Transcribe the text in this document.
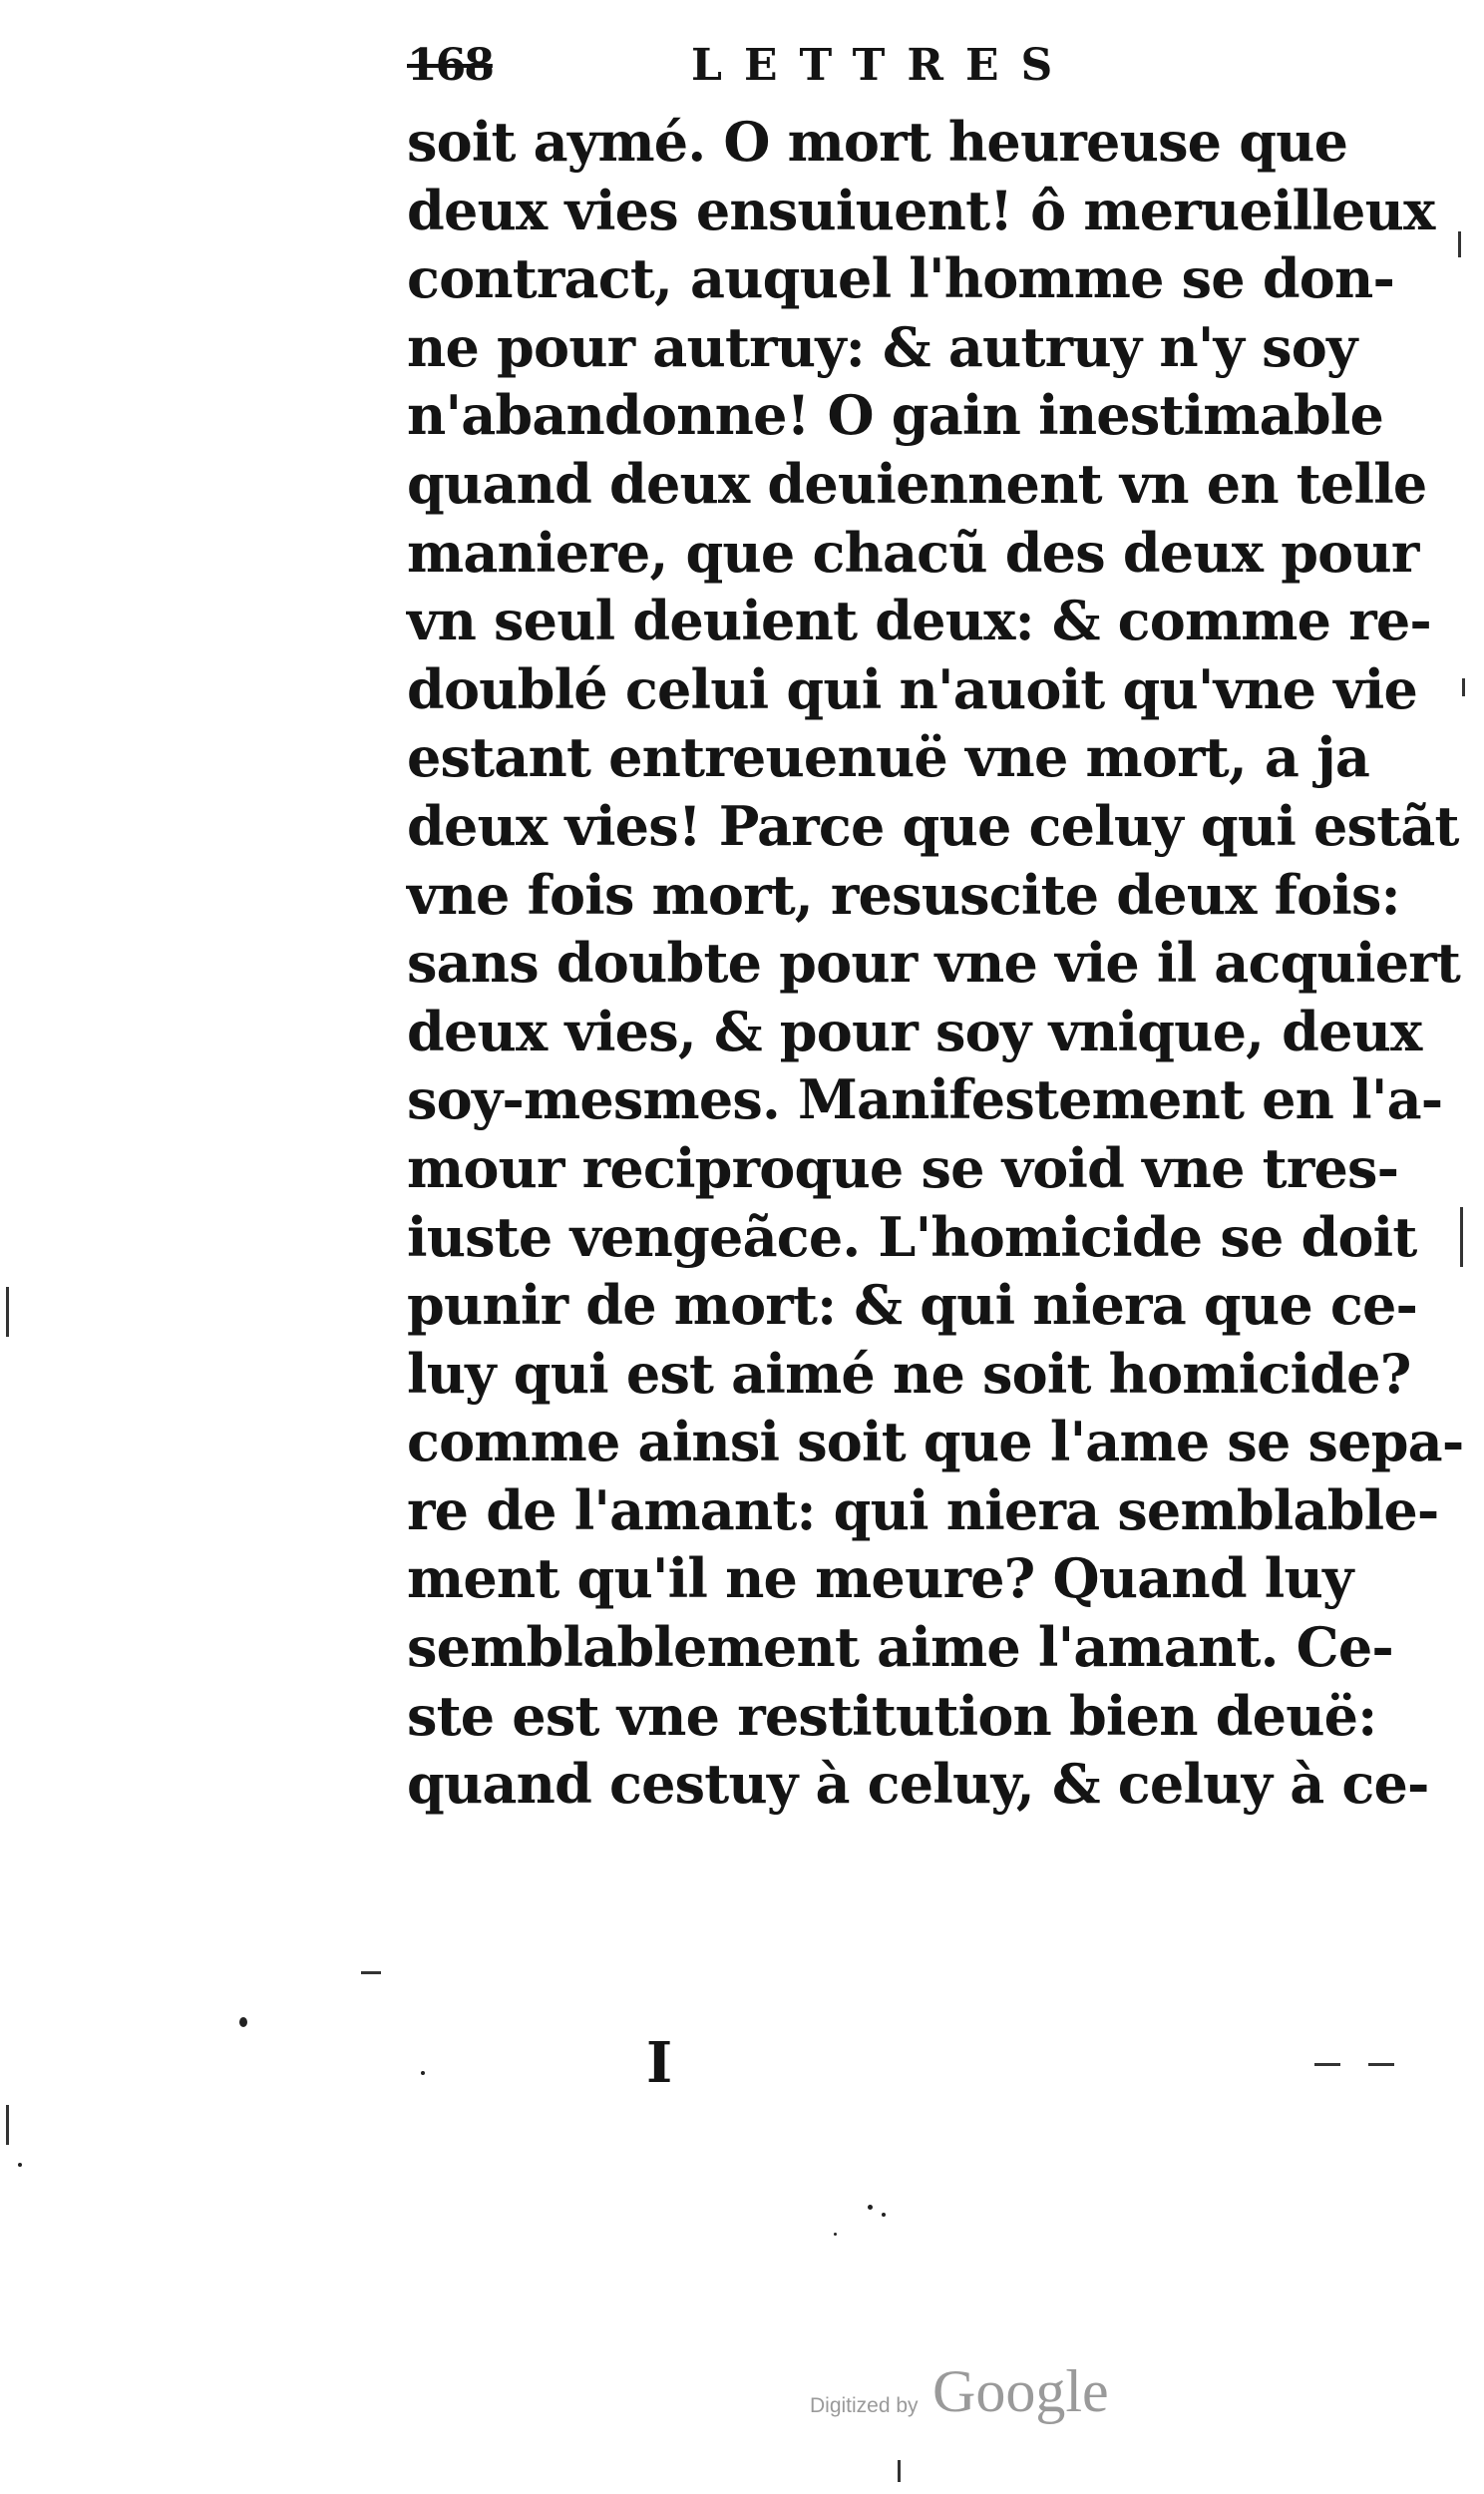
168	LETTRES
soit aymé. O mort heureuse que
deux vies ensuiuent! ô merueilleux
contract, auquel l'homme se don-
ne pour autruy: & autruy n'y soy
n'abandonne! O gain inestimable
quand deux deuiennent vn en telle
maniere, que chacũ des deux pour
vn seul deuient deux: & comme re-
doublé celui qui n'auoit qu'vne vie
estant entreuenuë vne mort, a ja
deux vies! Parce que celuy qui estãt
vne fois mort, resuscite deux fois:
sans doubte pour vne vie il acquiert
deux vies, & pour soy vnique, deux
soy-mesmes. Manifestement en l'a-
mour reciproque se void vne tres-
iuste vengeãce. L'homicide se doit
punir de mort: & qui niera que ce-
luy qui est aimé ne soit homicide?
comme ainsi soit que l'ame se sepa-
re de l'amant: qui niera semblable-
ment qu'il ne meure? Quand luy
semblablement aime l'amant. Ce-
ste est vne restitution bien deuë:
quand cestuy à celuy, & celuy à ce-
I
Digitized by Google
